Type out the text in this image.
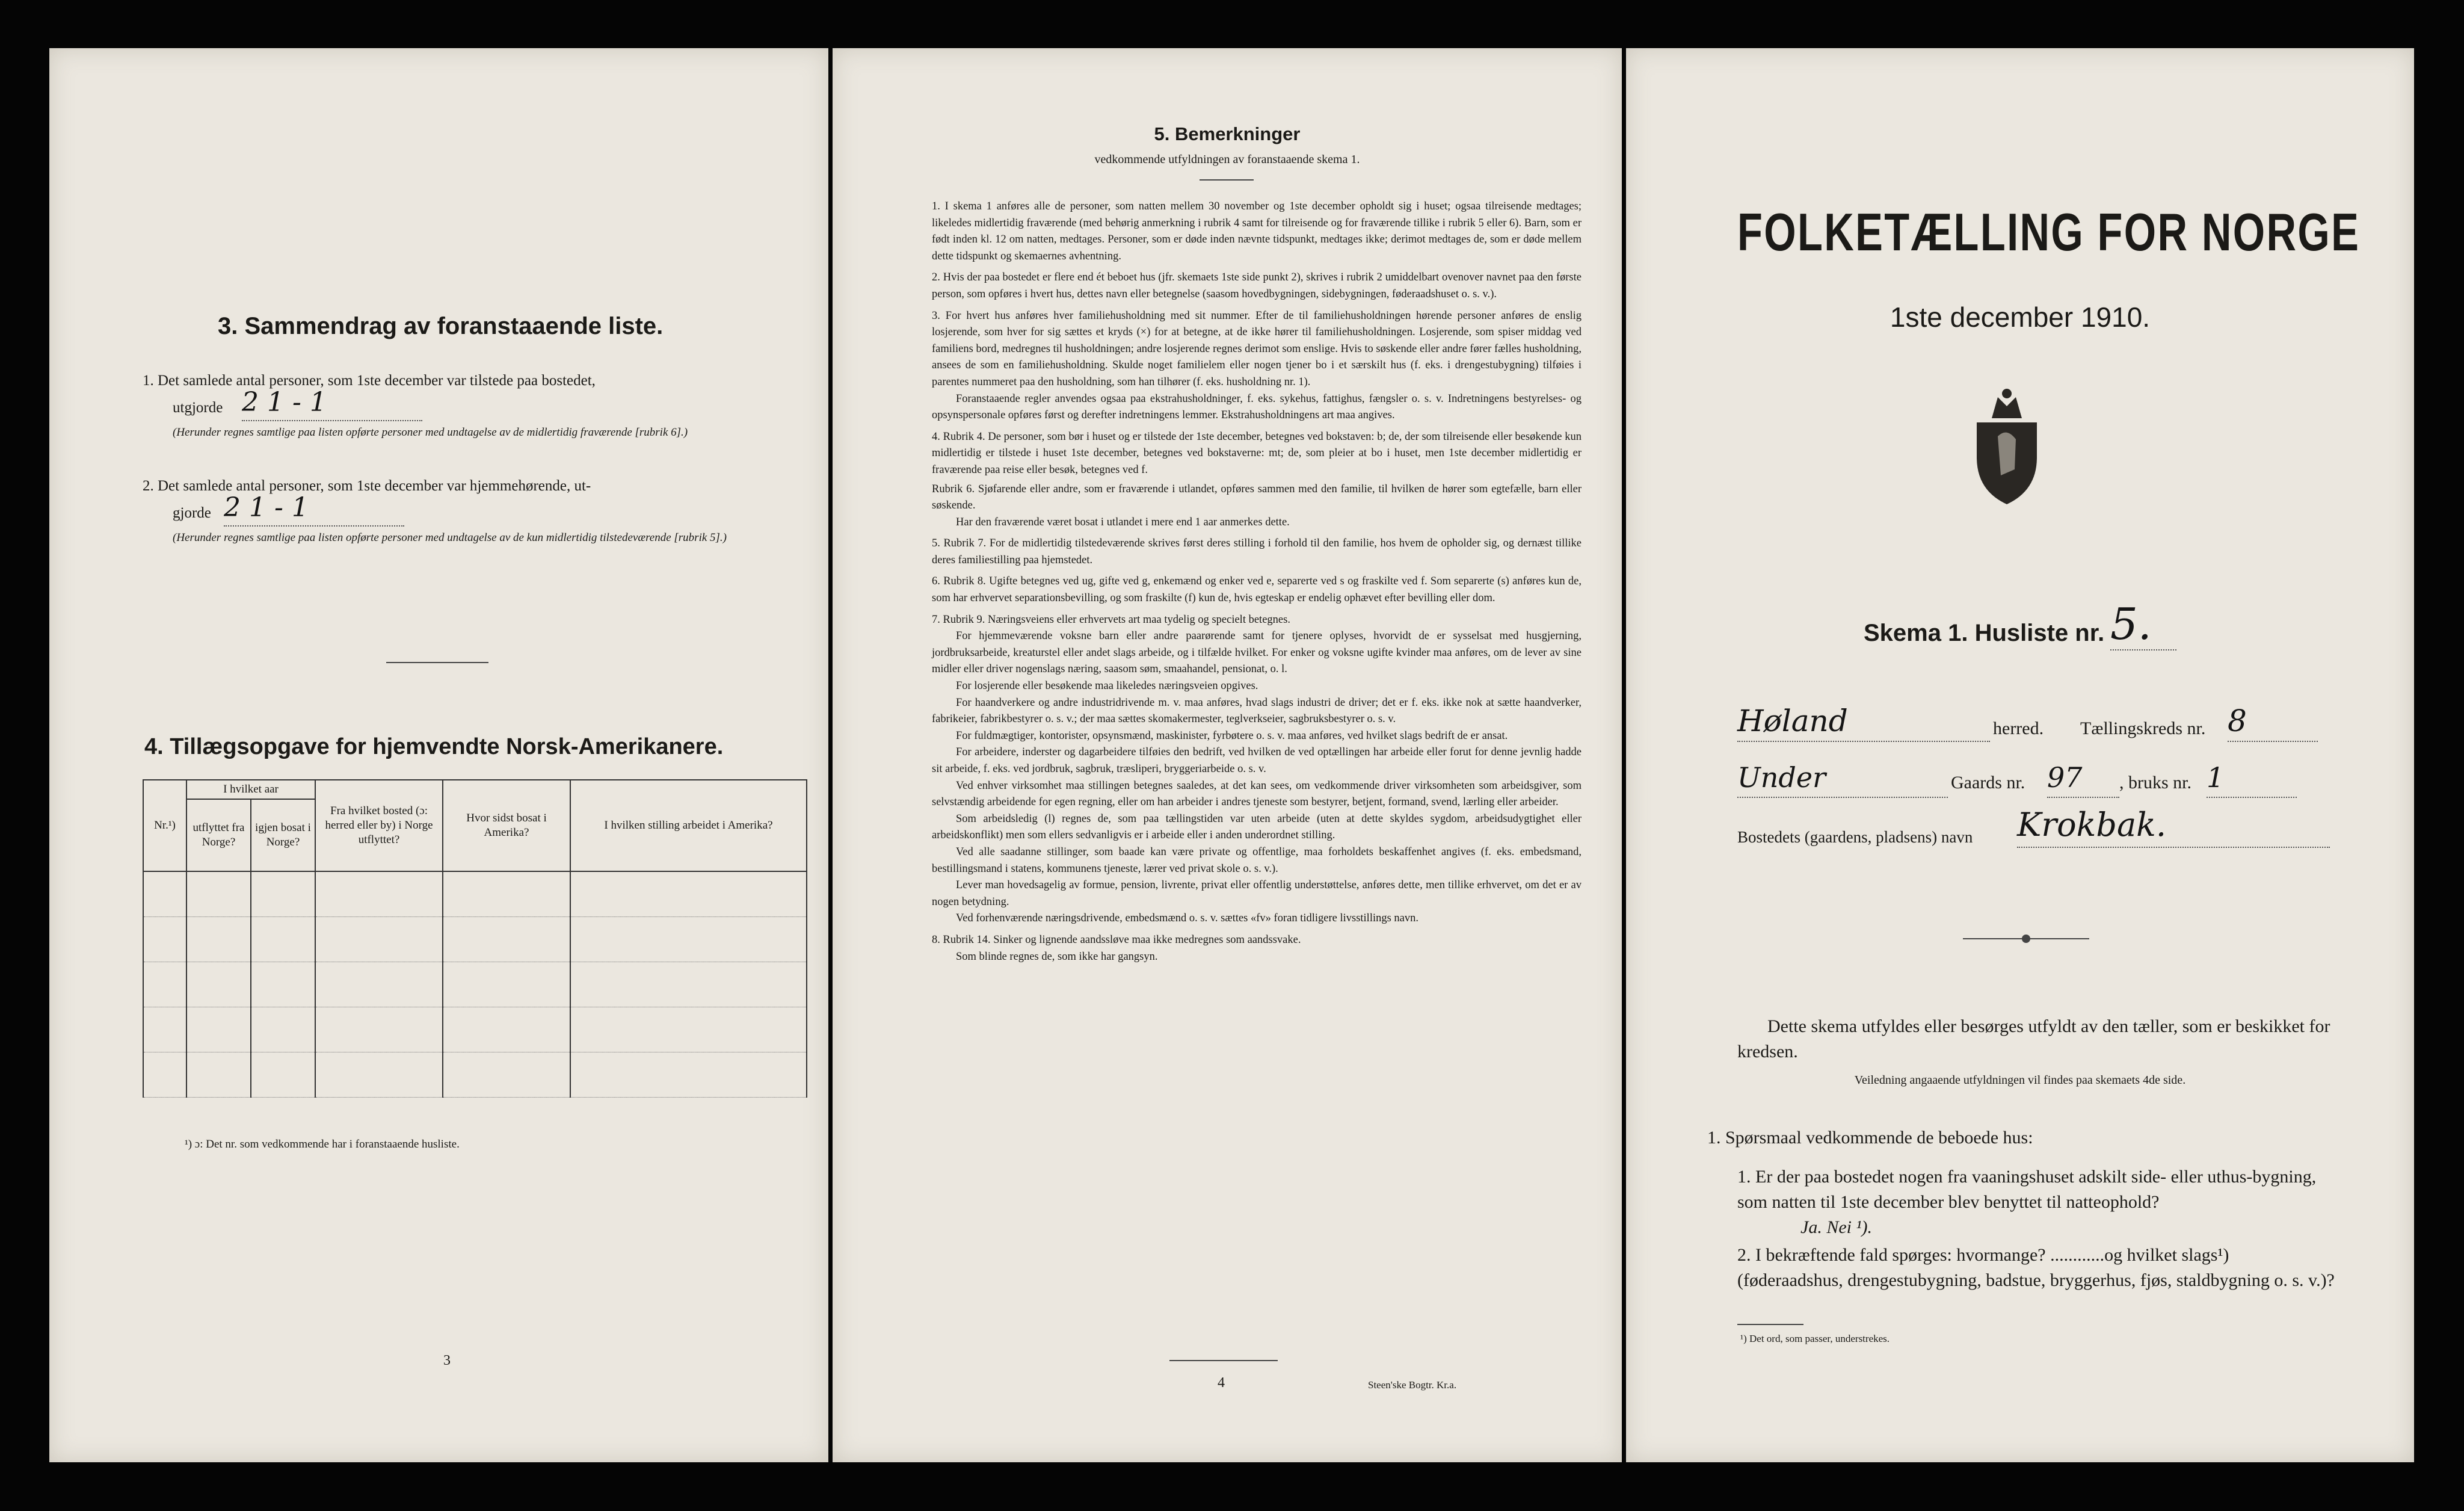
3. Sammendrag av foranstaaende liste.
1. Det samlede antal personer, som 1ste december var tilstede paa bostedet,
utgjorde 2 1 - 1
(Herunder regnes samtlige paa listen opførte personer med undtagelse av de midlertidig fraværende [rubrik 6].)
2. Det samlede antal personer, som 1ste december var hjemmehørende, ut-
gjorde 2 1 - 1
(Herunder regnes samtlige paa listen opførte personer med undtagelse av de kun midlertidig tilstedeværende [rubrik 5].)
4. Tillægsopgave for hjemvendte Norsk-Amerikanere.
Nr.¹)	I hvilket aar		Fra hvilket bosted (ɔ: herred eller by) i Norge utflyttet?	Hvor sidst bosat i Amerika?	I hvilken stilling arbeidet i Amerika?
	utflyttet fra Norge?	igjen bosat i Norge?			

¹) ɔ: Det nr. som vedkommende har i foranstaaende husliste.
3
5. Bemerkninger
vedkommende utfyldningen av foranstaaende skema 1.

1. I skema 1 anføres alle de personer, som natten mellem 30 november og 1ste december opholdt sig i huset; ogsaa tilreisende medtages; likeledes midlertidig fraværende (med behørig anmerkning i rubrik 4 samt for tilreisende og for fraværende tillike i rubrik 5 eller 6). Barn, som er født inden kl. 12 om natten, medtages. Personer, som er døde inden nævnte tidspunkt, medtages ikke; derimot medtages de, som er døde mellem dette tidspunkt og skemaernes avhentning.

2. Hvis der paa bostedet er flere end ét beboet hus (jfr. skemaets 1ste side punkt 2), skrives i rubrik 2 umiddelbart ovenover navnet paa den første person, som opføres i hvert hus, dettes navn eller betegnelse (saasom hovedbygningen, sidebygningen, føderaadshuset o. s. v.).

3. For hvert hus anføres hver familiehusholdning med sit nummer. Efter de til familiehusholdningen hørende personer anføres de enslig losjerende, som hver for sig sættes et kryds (×) for at betegne, at de ikke hører til familiehusholdningen. Losjerende, som spiser middag ved familiens bord, medregnes til husholdningen; andre losjerende regnes derimot som enslige. Hvis to søskende eller andre fører fælles husholdning, ansees de som en familiehusholdning. Skulde noget familielem eller nogen tjener bo i et særskilt hus (f. eks. i drengestubygning) tilføies i parentes nummeret paa den husholdning, som han tilhører (f. eks. husholdning nr. 1).

Foranstaaende regler anvendes ogsaa paa ekstrahusholdninger, f. eks. sykehus, fattighus, fængsler o. s. v. Indretningens bestyrelses- og opsynspersonale opføres først og derefter indretningens lemmer. Ekstrahusholdningens art maa angives.

4. Rubrik 4. De personer, som bør i huset og er tilstede der 1ste december, betegnes ved bokstaven: b; de, der som tilreisende eller besøkende kun midlertidig er tilstede i huset 1ste december, betegnes ved bokstaverne: mt; de, som pleier at bo i huset, men 1ste december midlertidig er fraværende paa reise eller besøk, betegnes ved f.

Rubrik 6. Sjøfarende eller andre, som er fraværende i utlandet, opføres sammen med den familie, til hvilken de hører som egtefælle, barn eller søskende.

Har den fraværende været bosat i utlandet i mere end 1 aar anmerkes dette.

5. Rubrik 7. For de midlertidig tilstedeværende skrives først deres stilling i forhold til den familie, hos hvem de opholder sig, og dernæst tillike deres familiestilling paa hjemstedet.

6. Rubrik 8. Ugifte betegnes ved ug, gifte ved g, enkemænd og enker ved e, separerte ved s og fraskilte ved f. Som separerte (s) anføres kun de, som har erhvervet separationsbevilling, og som fraskilte (f) kun de, hvis egteskap er endelig ophævet efter bevilling eller dom.

7. Rubrik 9. Næringsveiens eller erhvervets art maa tydelig og specielt betegnes.

For hjemmeværende voksne barn eller andre paarørende samt for tjenere oplyses, hvorvidt de er sysselsat med husgjerning, jordbruksarbeide, kreaturstel eller andet slags arbeide, og i tilfælde hvilket. For enker og voksne ugifte kvinder maa anføres, om de lever av sine midler eller driver nogenslags næring, saasom søm, smaahandel, pensionat, o. l.

For losjerende eller besøkende maa likeledes næringsveien opgives.

For haandverkere og andre industridrivende m. v. maa anføres, hvad slags industri de driver; det er f. eks. ikke nok at sætte haandverker, fabrikeier, fabrikbestyrer o. s. v.; der maa sættes skomakermester, teglverkseier, sagbruksbestyrer o. s. v.

For fuldmægtiger, kontorister, opsynsmænd, maskinister, fyrbøtere o. s. v. maa anføres, ved hvilket slags bedrift de er ansat.

For arbeidere, inderster og dagarbeidere tilføies den bedrift, ved hvilken de ved optællingen har arbeide eller forut for denne jevnlig hadde sit arbeide, f. eks. ved jordbruk, sagbruk, træsliperi, bryggeriarbeide o. s. v.

Ved enhver virksomhet maa stillingen betegnes saaledes, at det kan sees, om vedkommende driver virksomheten som arbeidsgiver, som selvstændig arbeidende for egen regning, eller om han arbeider i andres tjeneste som bestyrer, betjent, formand, svend, lærling eller arbeider.

Som arbeidsledig (l) regnes de, som paa tællingstiden var uten arbeide (uten at dette skyldes sygdom, arbeidsudygtighet eller arbeidskonflikt) men som ellers sedvanligvis er i arbeide eller i anden underordnet stilling.

Ved alle saadanne stillinger, som baade kan være private og offentlige, maa forholdets beskaffenhet angives (f. eks. embedsmand, bestillingsmand i statens, kommunens tjeneste, lærer ved privat skole o. s. v.).

Lever man hovedsagelig av formue, pension, livrente, privat eller offentlig understøttelse, anføres dette, men tillike erhvervet, om det er av nogen betydning.

Ved forhenværende næringsdrivende, embedsmænd o. s. v. sættes «fv» foran tidligere livsstillings navn.

8. Rubrik 14. Sinker og lignende aandssløve maa ikke medregnes som aandssvake.

Som blinde regnes de, som ikke har gangsyn.

4	Steen'ske Bogtr. Kr.a.
FOLKETÆLLING FOR NORGE
1ste december 1910.
Skema 1. Husliste nr. 5.
Høland	herred. Tællingskreds nr. 8
Under	Gaards nr. 97	, bruks nr. 1
Bostedets (gaardens, pladsens) navn Krokbak.
Dette skema utfyldes eller besørges utfyldt av den tæller, som er beskikket for kredsen.
Veiledning angaaende utfyldningen vil findes paa skemaets 4de side.
1. Spørsmaal vedkommende de beboede hus:
1. Er der paa bostedet nogen fra vaaningshuset adskilt side- eller uthus-bygning, som natten til 1ste december blev benyttet til natteophold?
Ja. Nei ¹).
2. I bekræftende fald spørges: hvormange? ............og hvilket slags¹) (føderaadshus, drengestubygning, badstue, bryggerhus, fjøs, staldbygning o. s. v.)?
¹) Det ord, som passer, understrekes.
